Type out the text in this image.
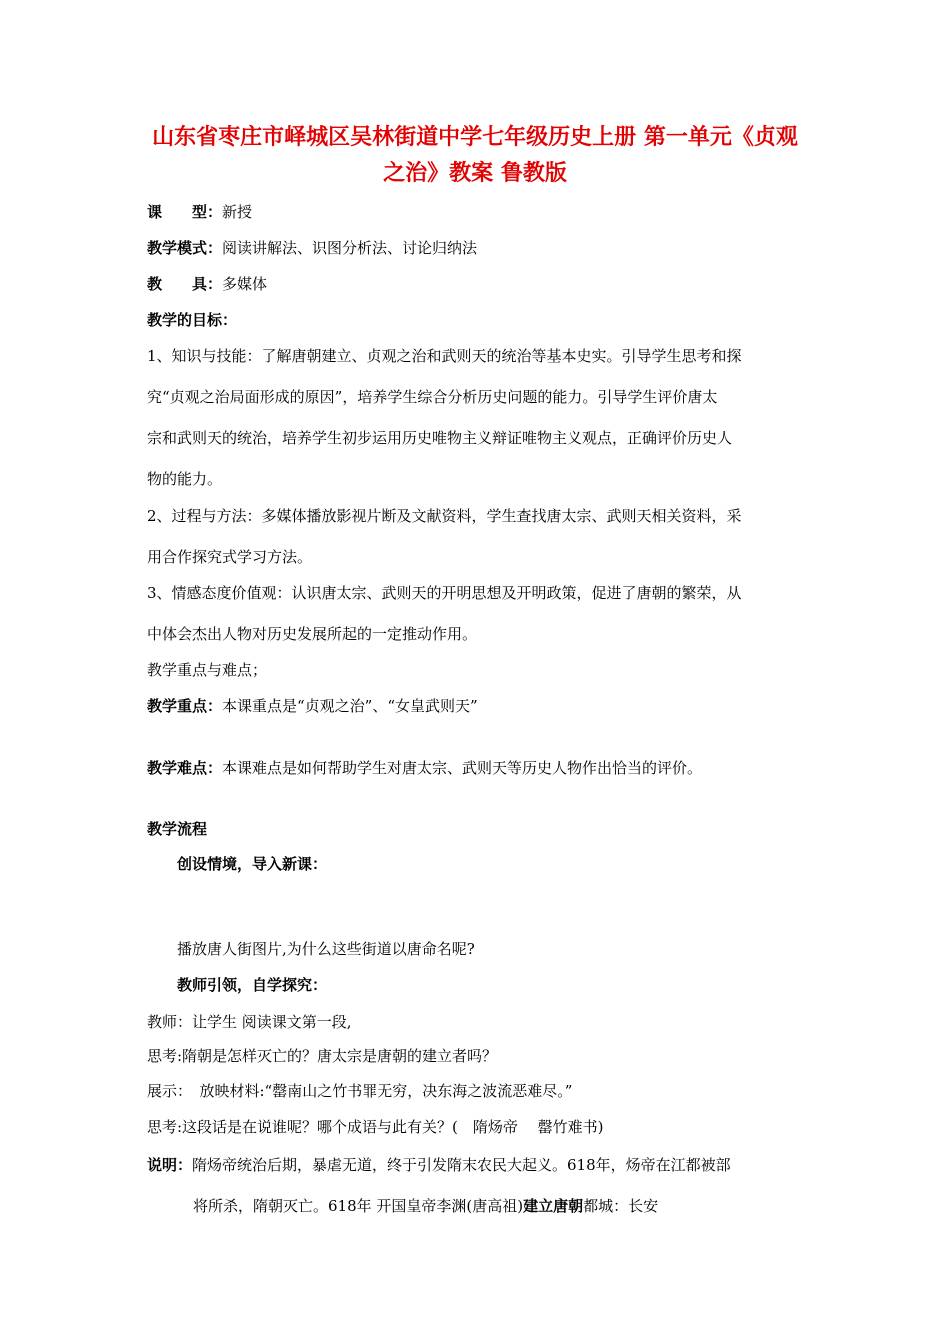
山东省枣庄市峄城区吴林街道中学七年级历史上册 第一单元《贞观
之治》教案 鲁教版
课　　型：新授
教学模式：阅读讲解法、识图分析法、讨论归纳法
教　　具：多媒体
教学的目标：
1、知识与技能：了解唐朝建立、贞观之治和武则天的统治等基本史实。引导学生思考和探
究“贞观之治局面形成的原因”，培养学生综合分析历史问题的能力。引导学生评价唐太
宗和武则天的统治，培养学生初步运用历史唯物主义辩证唯物主义观点，正确评价历史人
物的能力。
2、过程与方法：多媒体播放影视片断及文献资料，学生查找唐太宗、武则天相关资料，采
用合作探究式学习方法。
3、情感态度价值观：认识唐太宗、武则天的开明思想及开明政策，促进了唐朝的繁荣，从
中体会杰出人物对历史发展所起的一定推动作用。
教学重点与难点；
教学重点：本课重点是“贞观之治”、“女皇武则天”
教学难点：本课难点是如何帮助学生对唐太宗、武则天等历史人物作出恰当的评价。
教学流程
创设情境，导入新课：
播放唐人街图片,为什么这些街道以唐命名呢?
教师引领，自学探究：
教师：让学生 阅读课文第一段,
思考:隋朝是怎样灭亡的？唐太宗是唐朝的建立者吗？
展示：　放映材料:“罄南山之竹书罪无穷，决东海之波流恶难尽。”
思考:这段话是在说谁呢？哪个成语与此有关？(　隋炀帝　 罄竹难书)
说明：隋炀帝统治后期，暴虐无道，终于引发隋末农民大起义。618年，炀帝在江都被部
将所杀，隋朝灭亡。618年 开国皇帝李渊(唐高祖)建立唐朝都城：长安
